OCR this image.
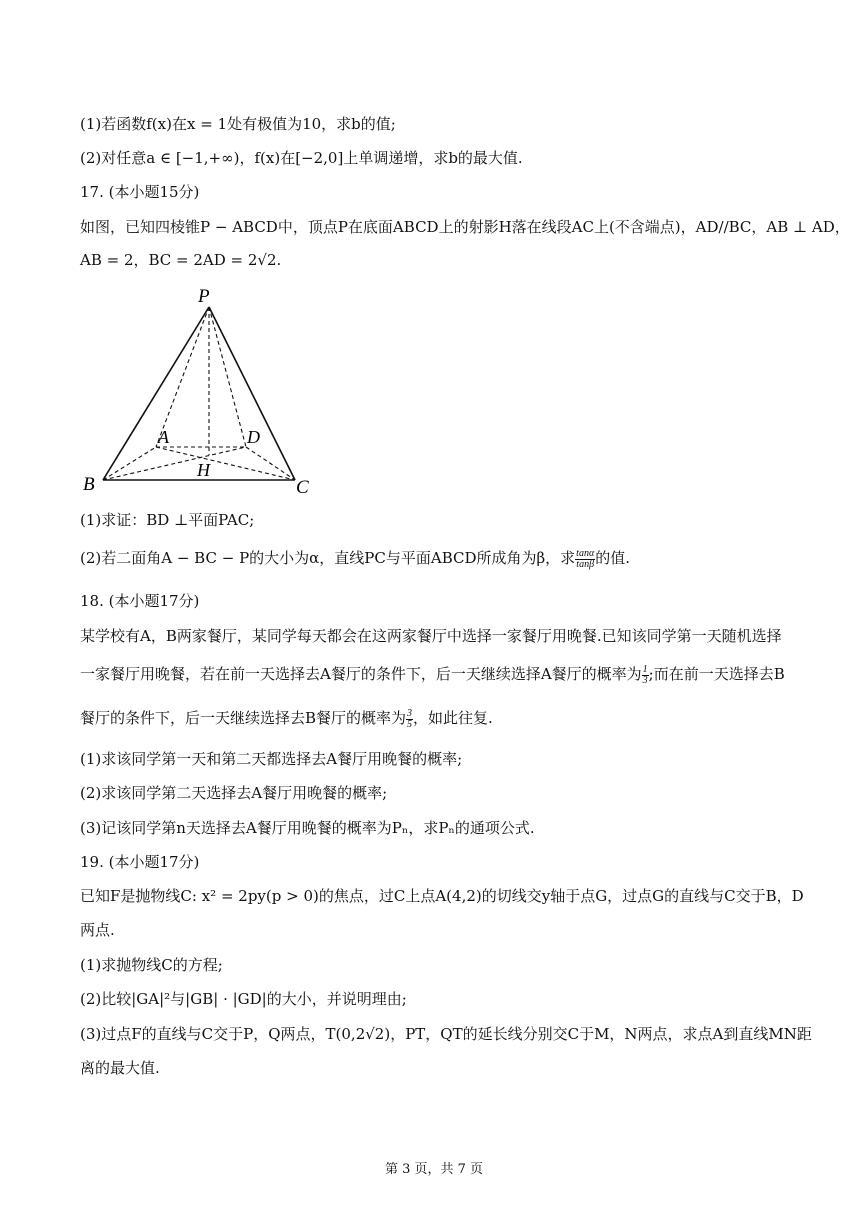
(1)若函数f(x)在x = 1处有极值为10，求b的值;
(2)对任意a ∈ [−1,+∞)，f(x)在[−2,0]上单调递增，求b的最大值.
17. (本小题15分)
如图，已知四棱锥P − ABCD中，顶点P在底面ABCD上的射影H落在线段AC上(不含端点)，AD//BC，AB ⊥ AD，
AB = 2，BC = 2AD = 2√2.
P
A	D
H
B	C
(1)求证：BD ⊥平面PAC;
(2)若二面角A − BC − P的大小为α，直线PC与平面ABCD所成角为β，求 $\frac{\tan\alpha}{\tan\beta}$ 的值.
18. (本小题17分)
某学校有A，B两家餐厅，某同学每天都会在这两家餐厅中选择一家餐厅用晚餐.已知该同学第一天随机选择
一家餐厅用晚餐，若在前一天选择去A餐厅的条件下，后一天继续选择A餐厅的概率为 $\frac{1}{3}$ ;而在前一天选择去B
餐厅的条件下，后一天继续选择去B餐厅的概率为 $\frac{3}{5}$ ，如此往复.
(1)求该同学第一天和第二天都选择去A餐厅用晚餐的概率;
(2)求该同学第二天选择去A餐厅用晚餐的概率;
(3)记该同学第n天选择去A餐厅用晚餐的概率为Pₙ，求Pₙ的通项公式.
19. (本小题17分)
已知F是抛物线C: x² = 2py(p > 0)的焦点，过C上点A(4,2)的切线交y轴于点G，过点G的直线与C交于B，D
两点.
(1)求抛物线C的方程;
(2)比较|GA|²与|GB| · |GD|的大小，并说明理由;
(3)过点F的直线与C交于P，Q两点，T(0,2√2)，PT，QT的延长线分别交C于M，N两点，求点A到直线MN距
离的最大值.
第 3 页，共 7 页
